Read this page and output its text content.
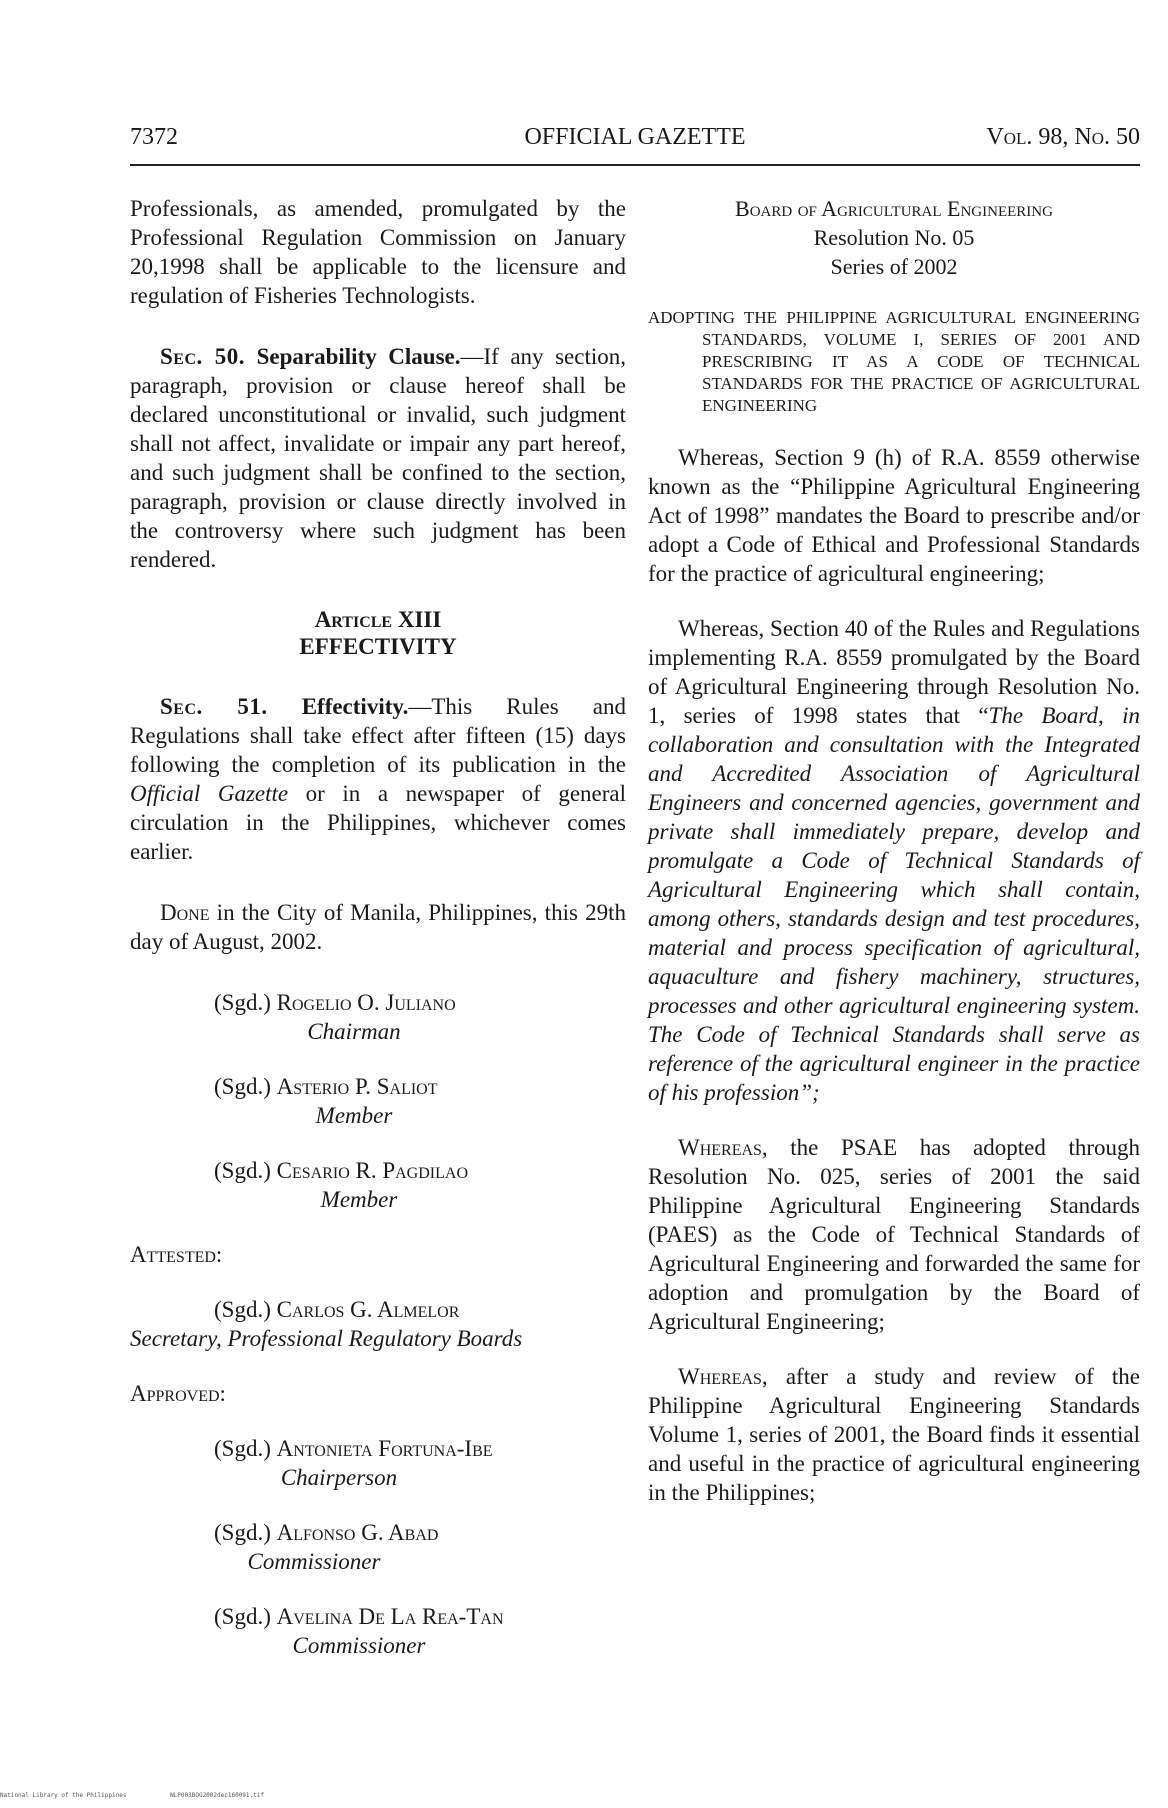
7372	OFFICIAL GAZETTE	Vol. 98, No. 50

Professionals, as amended, promulgated by the Professional Regulation Commission on January 20,1998 shall be applicable to the licensure and regulation of Fisheries Technologists.

Sec. 50. Separability Clause.—If any section, paragraph, provision or clause hereof shall be declared unconstitutional or invalid, such judgment shall not affect, invalidate or impair any part hereof, and such judgment shall be confined to the section, paragraph, provision or clause directly involved in the controversy where such judgment has been rendered.

Article XIII
EFFECTIVITY

Sec. 51. Effectivity.—This Rules and Regulations shall take effect after fifteen (15) days following the completion of its publication in the Official Gazette or in a newspaper of general circulation in the Philippines, whichever comes earlier.

Done in the City of Manila, Philippines, this 29th day of August, 2002.

(Sgd.) Rogelio O. Juliano
Chairman
(Sgd.) Asterio P. Saliot
Member
(Sgd.) Cesario R. Pagdilao
Member

Attested:

(Sgd.) Carlos G. Almelor
Secretary, Professional Regulatory Boards

Approved:

(Sgd.) Antonieta Fortuna-Ibe
Chairperson
(Sgd.) Alfonso G. Abad
Commissioner
(Sgd.) Avelina De La Rea-Tan
Commissioner
Board of Agricultural Engineering
Resolution No. 05
Series of 2002

ADOPTING THE PHILIPPINE AGRICULTURAL ENGINEERING STANDARDS, VOLUME I, SERIES OF 2001 AND PRESCRIBING IT AS A CODE OF TECHNICAL STANDARDS FOR THE PRACTICE OF AGRICULTURAL ENGINEERING

Whereas, Section 9 (h) of R.A. 8559 otherwise known as the “Philippine Agricultural Engineering Act of 1998” mandates the Board to prescribe and/or adopt a Code of Ethical and Professional Standards for the practice of agricultural engineering;

Whereas, Section 40 of the Rules and Regulations implementing R.A. 8559 promulgated by the Board of Agricultural Engineering through Resolution No. 1, series of 1998 states that “The Board, in collaboration and consultation with the Integrated and Accredited Association of Agricultural Engineers and concerned agencies, government and private shall immediately prepare, develop and promulgate a Code of Technical Standards of Agricultural Engineering which shall contain, among others, standards design and test procedures, material and process specification of agricultural, aquaculture and fishery machinery, structures, processes and other agricultural engineering system. The Code of Technical Standards shall serve as reference of the agricultural engineer in the practice of his profession”;

Whereas, the PSAE has adopted through Resolution No. 025, series of 2001 the said Philippine Agricultural Engineering Standards (PAES) as the Code of Technical Standards of Agricultural Engineering and forwarded the same for adoption and promulgation by the Board of Agricultural Engineering;

Whereas, after a study and review of the Philippine Agricultural Engineering Standards Volume 1, series of 2001, the Board finds it essential and useful in the practice of agricultural engineering in the Philippines;

National Library of the Philippines	NLP003BOG2002dec160091.tif
